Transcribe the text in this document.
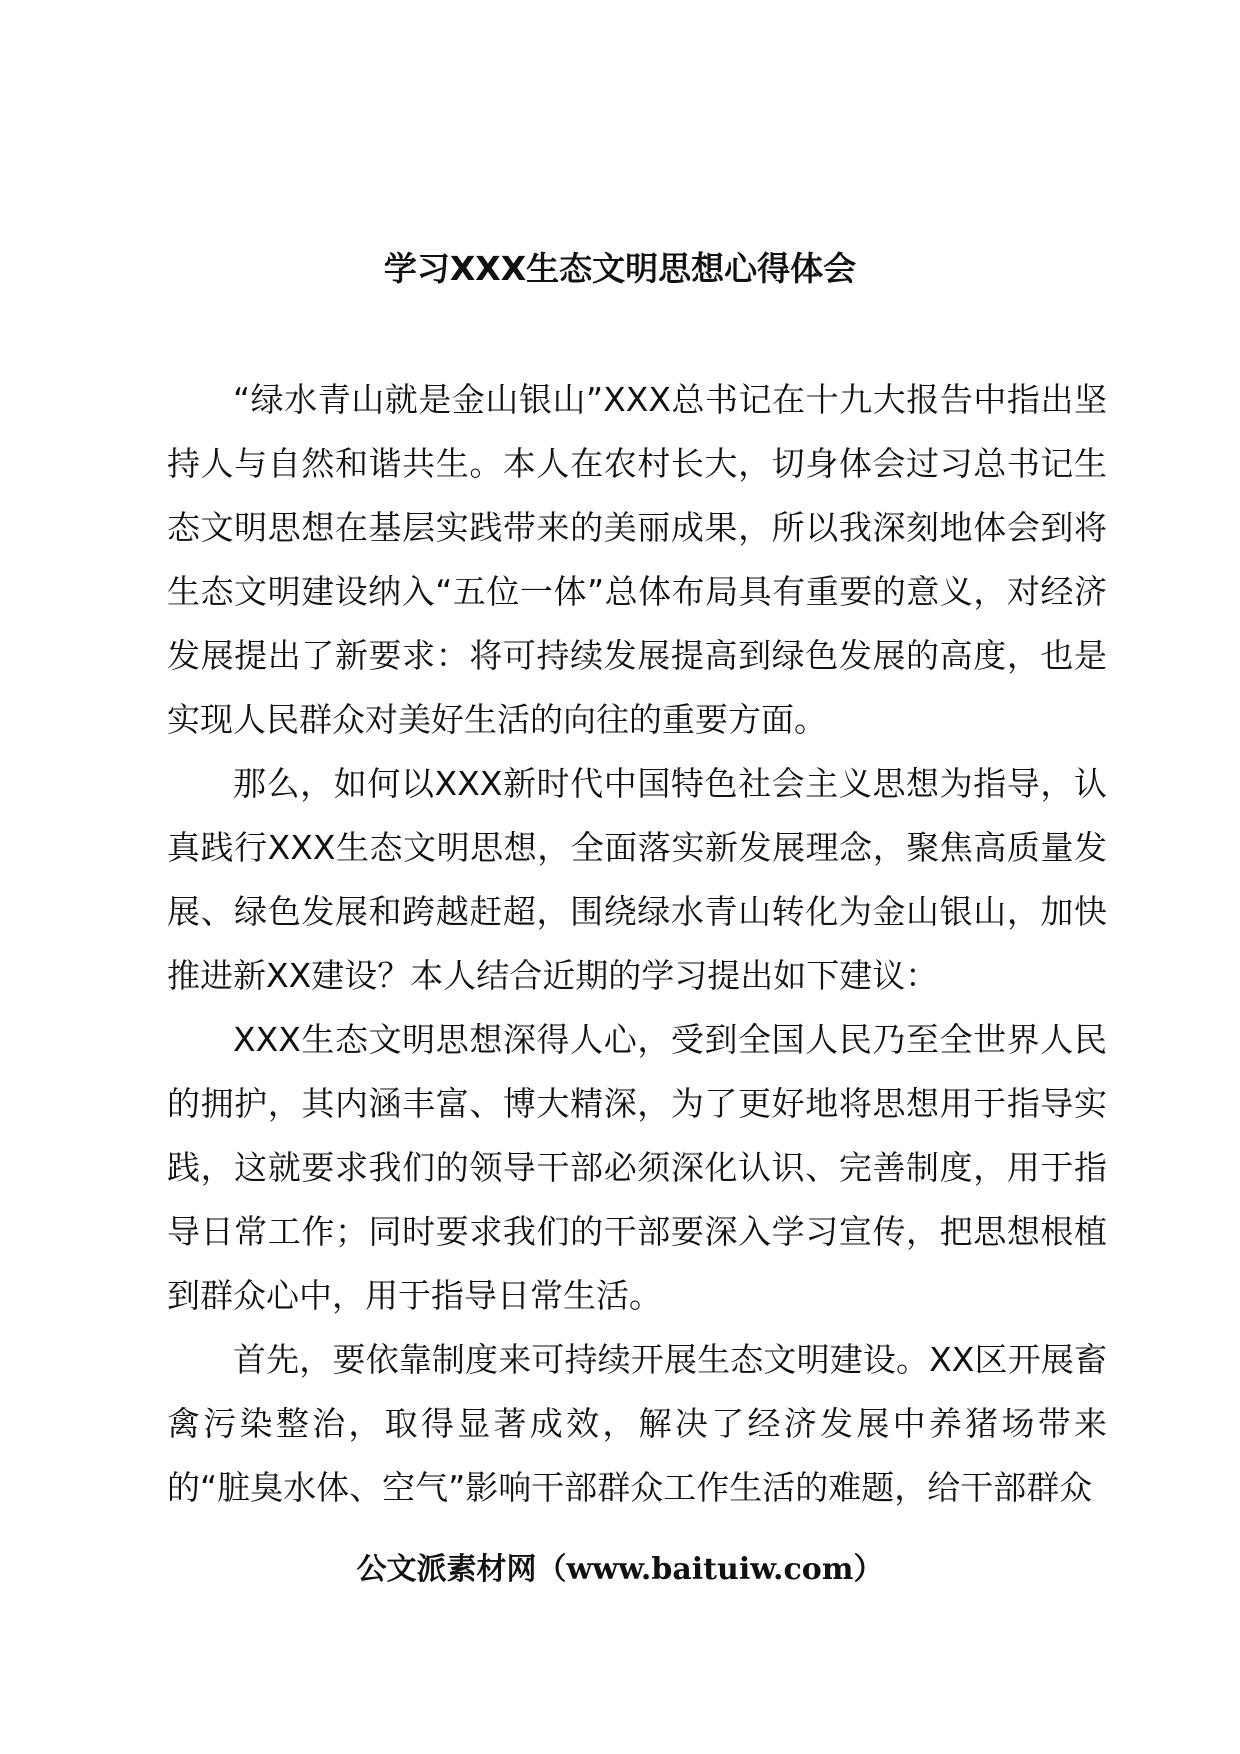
学习XXX生态文明思想心得体会

“绿水青山就是金山银山”XXX总书记在十九大报告中指出坚持人与自然和谐共生。本人在农村长大，切身体会过习总书记生态文明思想在基层实践带来的美丽成果，所以我深刻地体会到将生态文明建设纳入“五位一体”总体布局具有重要的意义，对经济发展提出了新要求：将可持续发展提高到绿色发展的高度，也是实现人民群众对美好生活的向往的重要方面。

那么，如何以XXX新时代中国特色社会主义思想为指导，认真践行XXX生态文明思想，全面落实新发展理念，聚焦高质量发展、绿色发展和跨越赶超，围绕绿水青山转化为金山银山，加快推进新XX建设？本人结合近期的学习提出如下建议：

XXX生态文明思想深得人心，受到全国人民乃至全世界人民的拥护，其内涵丰富、博大精深，为了更好地将思想用于指导实践，这就要求我们的领导干部必须深化认识、完善制度，用于指导日常工作；同时要求我们的干部要深入学习宣传，把思想根植到群众心中，用于指导日常生活。

首先，要依靠制度来可持续开展生态文明建设。XX区开展畜禽污染整治，取得显著成效，解决了经济发展中养猪场带来的“脏臭水体、空气”影响干部群众工作生活的难题，给干部群众

公文派素材网（www.baituiw.com）
